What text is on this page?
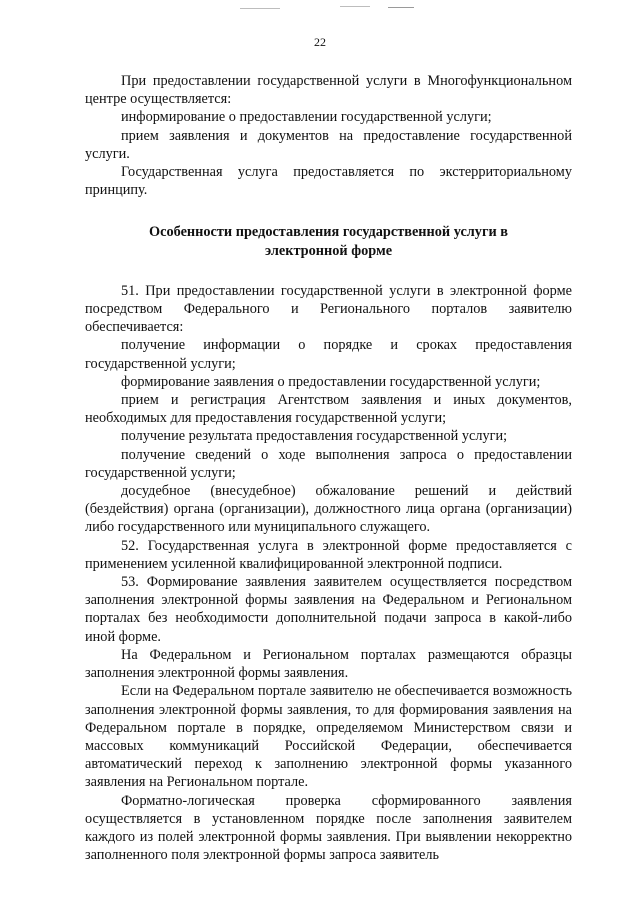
22

При предоставлении государственной услуги в Многофункциональном центре осуществляется:

информирование о предоставлении государственной услуги;

прием заявления и документов на предоставление государственной услуги.

Государственная услуга предоставляется по экстерриториальному принципу.

Особенности предоставления государственной услуги в электронной форме

51. При предоставлении государственной услуги в электронной форме посредством Федерального и Регионального порталов заявителю обеспечивается:

получение информации о порядке и сроках предоставления государственной услуги;

формирование заявления о предоставлении государственной услуги;

прием и регистрация Агентством заявления и иных документов, необходимых для предоставления государственной услуги;

получение результата предоставления государственной услуги;

получение сведений о ходе выполнения запроса о предоставлении государственной услуги;

досудебное (внесудебное) обжалование решений и действий (бездействия) органа (организации), должностного лица органа (организации) либо государственного или муниципального служащего.

52. Государственная услуга в электронной форме предоставляется с применением усиленной квалифицированной электронной подписи.

53. Формирование заявления заявителем осуществляется посредством заполнения электронной формы заявления на Федеральном и Региональном порталах без необходимости дополнительной подачи запроса в какой-либо иной форме.

На Федеральном и Региональном порталах размещаются образцы заполнения электронной формы заявления.

Если на Федеральном портале заявителю не обеспечивается возможность заполнения электронной формы заявления, то для формирования заявления на Федеральном портале в порядке, определяемом Министерством связи и массовых коммуникаций Российской Федерации, обеспечивается автоматический переход к заполнению электронной формы указанного заявления на Региональном портале.

Форматно-логическая проверка сформированного заявления осуществляется в установленном порядке после заполнения заявителем каждого из полей электронной формы заявления. При выявлении некорректно заполненного поля электронной формы запроса заявитель
